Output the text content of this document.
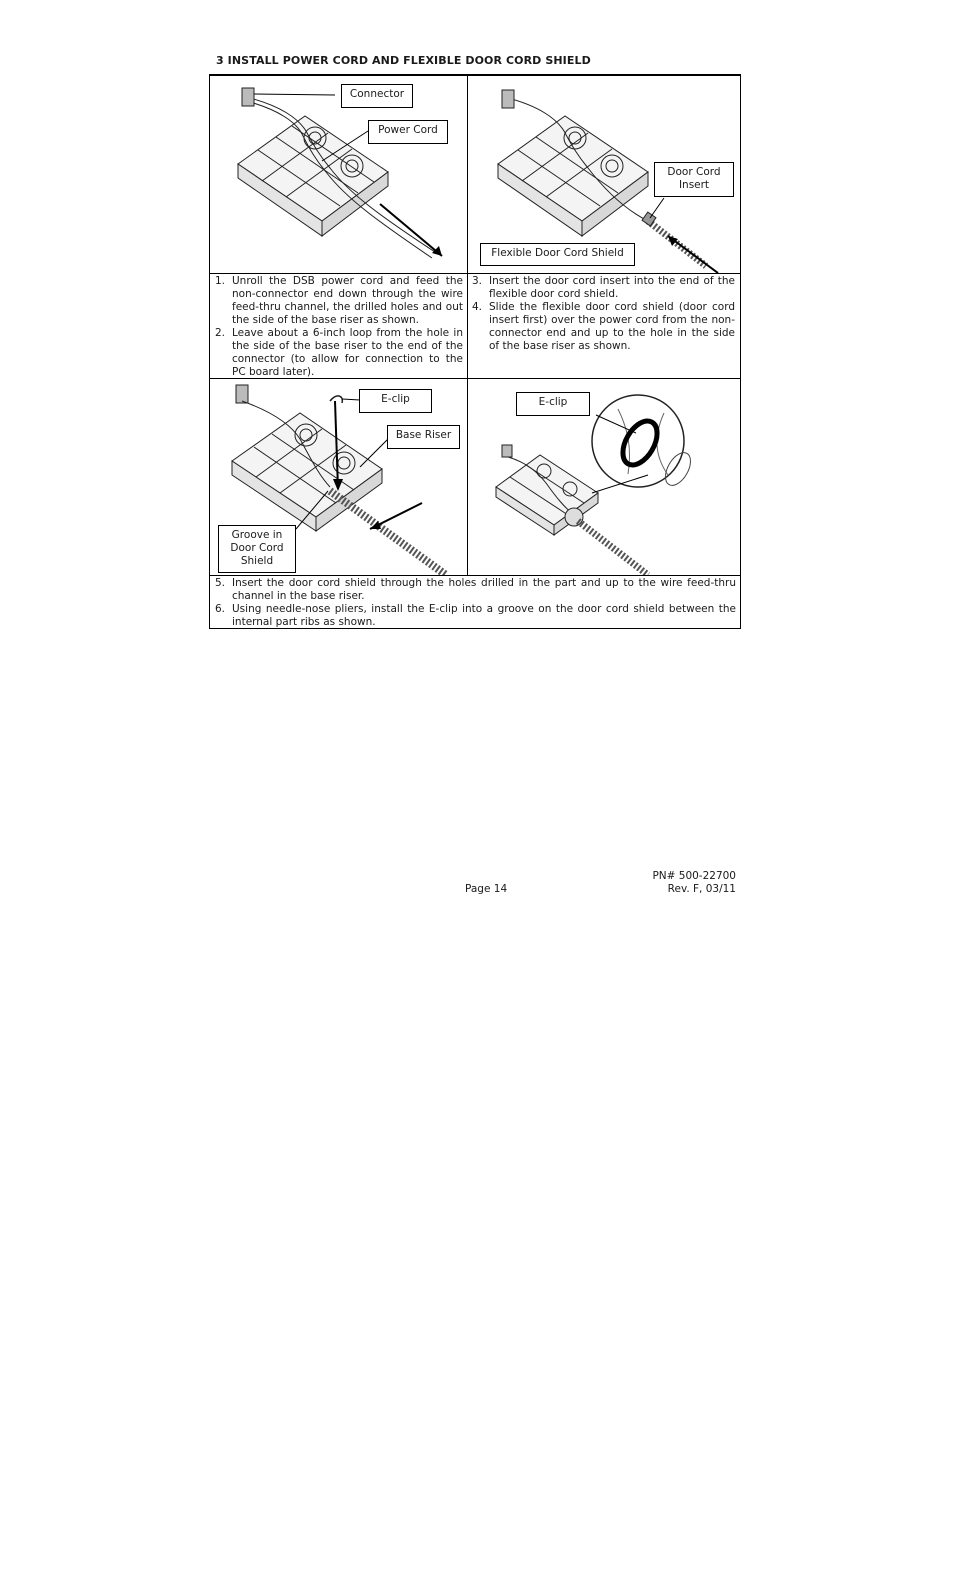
3 INSTALL POWER CORD AND FLEXIBLE DOOR CORD SHIELD
Connector
Power Cord
Door Cord
Insert
Flexible Door Cord Shield
1. Unroll the DSB power cord and feed the non-connector end down through the wire feed-thru channel, the drilled holes and out the side of the base riser as shown.
2. Leave about a 6-inch loop from the hole in the side of the base riser to the end of the connector (to allow for connection to the PC board later).
3. Insert the door cord insert into the end of the flexible door cord shield.
4. Slide the flexible door cord shield (door cord insert first) over the power cord from the non-connector end and up to the hole in the side of the base riser as shown.
E-clip
Base Riser
Groove in
Door Cord
Shield
E-clip
5. Insert the door cord shield through the holes drilled in the part and up to the wire feed-thru channel in the base riser.
6. Using needle-nose pliers, install the E-clip into a groove on the door cord shield between the internal part ribs as shown.
Page 14
PN# 500-22700
Rev. F, 03/11
